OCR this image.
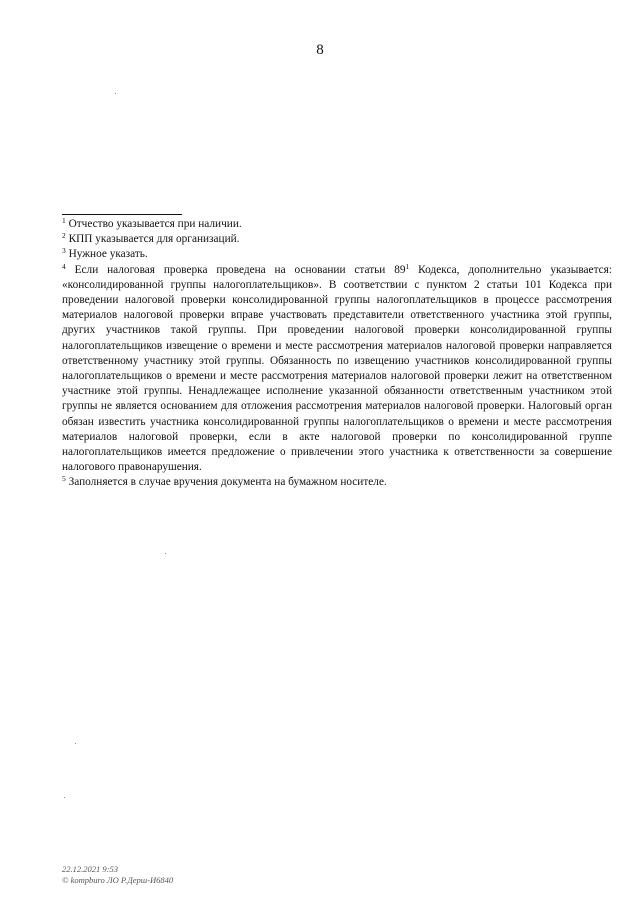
8

$^1$ Отчество указывается при наличии.

$^2$ КПП указывается для организаций.

$^3$ Нужное указать.

$^4$ Если налоговая проверка проведена на основании статьи $89^1$ Кодекса, дополнительно указывается: «консолидированной группы налогоплательщиков». В соответствии с пунктом 2 статьи 101 Кодекса при проведении налоговой проверки консолидированной группы налогоплательщиков в процессе рассмотрения материалов налоговой проверки вправе участвовать представители ответственного участника этой группы, других участников такой группы. При проведении налоговой проверки консолидированной группы налогоплательщиков извещение о времени и месте рассмотрения материалов налоговой проверки направляется ответственному участнику этой группы. Обязанность по извещению участников консолидированной группы налогоплательщиков о времени и месте рассмотрения материалов налоговой проверки лежит на ответственном участнике этой группы. Ненадлежащее исполнение указанной обязанности ответственным участником этой группы не является основанием для отложения рассмотрения материалов налоговой проверки. Налоговый орган обязан известить участника консолидированной группы налогоплательщиков о времени и месте рассмотрения материалов налоговой проверки, если в акте налоговой проверки по консолидированной группе налогоплательщиков имеется предложение о привлечении этого участника к ответственности за совершение налогового правонарушения.

$^5$ Заполняется в случае вручения документа на бумажном носителе.

22.12.2021 9:53
© kompburo ЛО Р.Дерш-И6840
